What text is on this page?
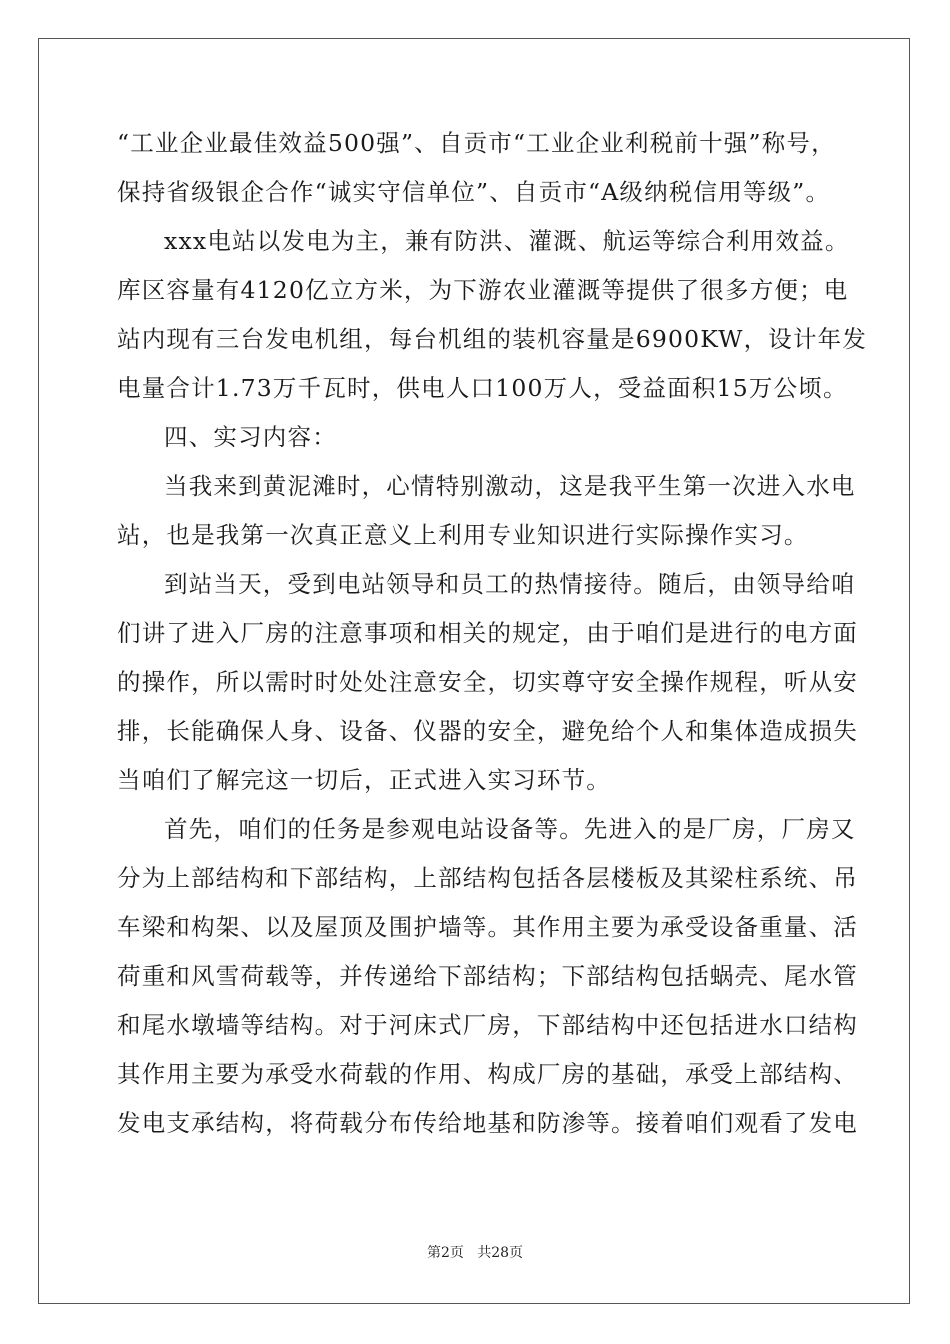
“工业企业最佳效益500强”、自贡市“工业企业利税前十强”称号，
保持省级银企合作“诚实守信单位”、自贡市“A级纳税信用等级”。
xxx电站以发电为主，兼有防洪、灌溉、航运等综合利用效益。
库区容量有4120亿立方米，为下游农业灌溉等提供了很多方便；电
站内现有三台发电机组，每台机组的装机容量是6900KW，设计年发
电量合计1.73万千瓦时，供电人口100万人，受益面积15万公顷。
四、实习内容：
当我来到黄泥滩时，心情特别激动，这是我平生第一次进入水电
站，也是我第一次真正意义上利用专业知识进行实际操作实习。
到站当天，受到电站领导和员工的热情接待。随后，由领导给咱
们讲了进入厂房的注意事项和相关的规定，由于咱们是进行的电方面
的操作，所以需时时处处注意安全，切实尊守安全操作规程，听从安
排，长能确保人身、设备、仪器的安全，避免给个人和集体造成损失
当咱们了解完这一切后，正式进入实习环节。
首先，咱们的任务是参观电站设备等。先进入的是厂房，厂房又
分为上部结构和下部结构，上部结构包括各层楼板及其梁柱系统、吊
车梁和构架、以及屋顶及围护墙等。其作用主要为承受设备重量、活
荷重和风雪荷载等，并传递给下部结构；下部结构包括蜗壳、尾水管
和尾水墩墙等结构。对于河床式厂房，下部结构中还包括进水口结构
其作用主要为承受水荷载的作用、构成厂房的基础，承受上部结构、
发电支承结构，将荷载分布传给地基和防渗等。接着咱们观看了发电
第2页   共28页
